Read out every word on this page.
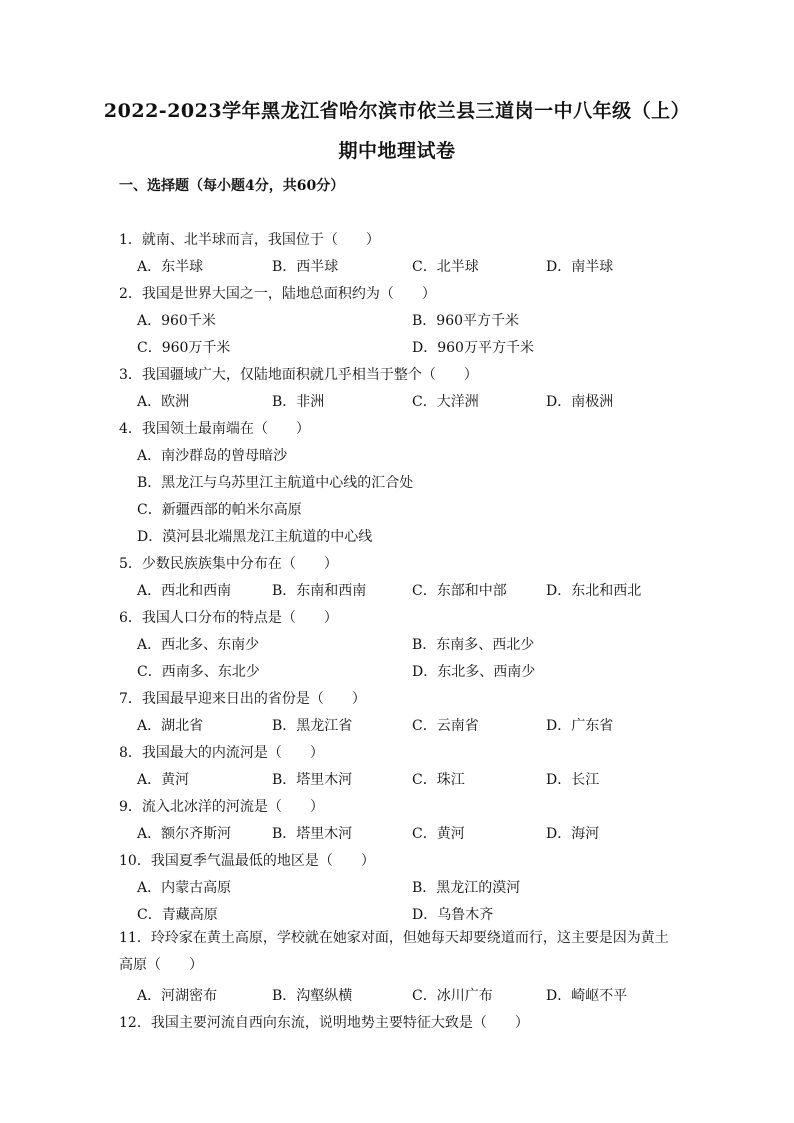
2022-2023学年黑龙江省哈尔滨市依兰县三道岗一中八年级（上）
期中地理试卷
一、选择题（每小题4分，共60分）
1．就南、北半球而言，我国位于（　　）
A．东半球	B．西半球	C．北半球	D．南半球
2．我国是世界大国之一，陆地总面积约为（　　）
A．960千米	B．960平方千米
C．960万千米	D．960万平方千米
3．我国疆域广大，仅陆地面积就几乎相当于整个（　　）
A．欧洲	B．非洲	C．大洋洲	D．南极洲
4．我国领土最南端在（　　）
A．南沙群岛的曾母暗沙
B．黑龙江与乌苏里江主航道中心线的汇合处
C．新疆西部的帕米尔高原
D．漠河县北端黑龙江主航道的中心线
5．少数民族族集中分布在（　　）
A．西北和西南	B．东南和西南	C．东部和中部	D．东北和西北
6．我国人口分布的特点是（　　）
A．西北多、东南少	B．东南多、西北少
C．西南多、东北少	D．东北多、西南少
7．我国最早迎来日出的省份是（　　）
A．湖北省	B．黑龙江省	C．云南省	D．广东省
8．我国最大的内流河是（　　）
A．黄河	B．塔里木河	C．珠江	D．长江
9．流入北冰洋的河流是（　　）
A．额尔齐斯河	B．塔里木河	C．黄河	D．海河
10．我国夏季气温最低的地区是（　　）
A．内蒙古高原	B．黑龙江的漠河
C．青藏高原	D．乌鲁木齐
11．玲玲家在黄土高原，学校就在她家对面，但她每天却要绕道而行，这主要是因为黄土高原（　　）
A．河湖密布	B．沟壑纵横	C．冰川广布	D．崎岖不平
12．我国主要河流自西向东流，说明地势主要特征大致是（　　）
